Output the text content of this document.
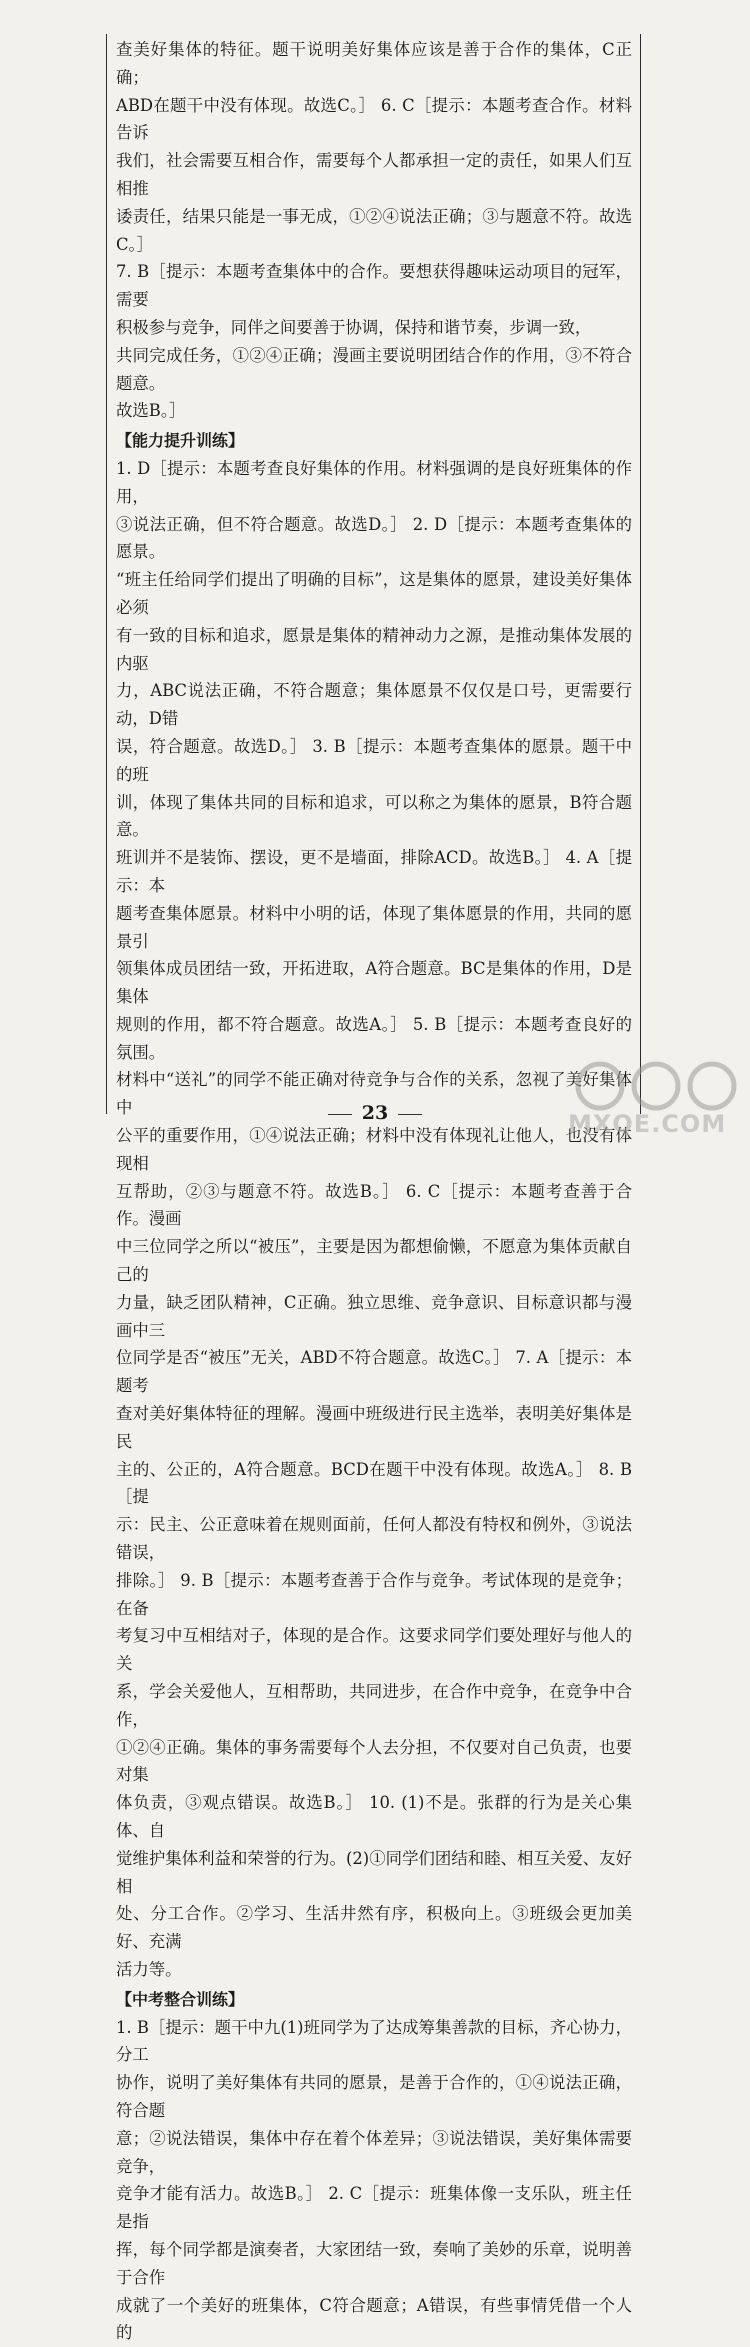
查美好集体的特征。题干说明美好集体应该是善于合作的集体，C正确；

ABD在题干中没有体现。故选C。］ 6. C［提示：本题考查合作。材料告诉

我们，社会需要互相合作，需要每个人都承担一定的责任，如果人们互相推

诿责任，结果只能是一事无成，①②④说法正确；③与题意不符。故选C。］

7. B［提示：本题考查集体中的合作。要想获得趣味运动项目的冠军，需要

积极参与竞争，同伴之间要善于协调，保持和谐节奏，步调一致，

共同完成任务，①②④正确；漫画主要说明团结合作的作用，③不符合题意。

故选B。］

【能力提升训练】

1. D［提示：本题考查良好集体的作用。材料强调的是良好班集体的作用，

③说法正确，但不符合题意。故选D。］ 2. D［提示：本题考查集体的愿景。

“班主任给同学们提出了明确的目标”，这是集体的愿景，建设美好集体必须

有一致的目标和追求，愿景是集体的精神动力之源，是推动集体发展的内驱

力，ABC说法正确，不符合题意；集体愿景不仅仅是口号，更需要行动，D错

误，符合题意。故选D。］ 3. B［提示：本题考查集体的愿景。题干中的班

训，体现了集体共同的目标和追求，可以称之为集体的愿景，B符合题意。

班训并不是装饰、摆设，更不是墙面，排除ACD。故选B。］ 4. A［提示：本

题考查集体愿景。材料中小明的话，体现了集体愿景的作用，共同的愿景引

领集体成员团结一致，开拓进取，A符合题意。BC是集体的作用，D是集体

规则的作用，都不符合题意。故选A。］ 5. B［提示：本题考查良好的氛围。

材料中“送礼”的同学不能正确对待竞争与合作的关系，忽视了美好集体中

公平的重要作用，①④说法正确；材料中没有体现礼让他人，也没有体现相

互帮助，②③与题意不符。故选B。］ 6. C［提示：本题考查善于合作。漫画

中三位同学之所以“被压”，主要是因为都想偷懒，不愿意为集体贡献自己的

力量，缺乏团队精神，C正确。独立思维、竞争意识、目标意识都与漫画中三

位同学是否“被压”无关，ABD不符合题意。故选C。］ 7. A［提示：本题考

查对美好集体特征的理解。漫画中班级进行民主选举，表明美好集体是民

主的、公正的，A符合题意。BCD在题干中没有体现。故选A。］ 8. B［提

示：民主、公正意味着在规则面前，任何人都没有特权和例外，③说法错误，

排除。］ 9. B［提示：本题考查善于合作与竞争。考试体现的是竞争；在备

考复习中互相结对子，体现的是合作。这要求同学们要处理好与他人的关

系，学会关爱他人，互相帮助，共同进步，在合作中竞争，在竞争中合作，

①②④正确。集体的事务需要每个人去分担，不仅要对自己负责，也要对集

体负责，③观点错误。故选B。］ 10. (1)不是。张群的行为是关心集体、自

觉维护集体利益和荣誉的行为。(2)①同学们团结和睦、相互关爱、友好相

处、分工合作。②学习、生活井然有序，积极向上。③班级会更加美好、充满

活力等。

【中考整合训练】

1. B［提示：题干中九(1)班同学为了达成筹集善款的目标，齐心协力，分工

协作，说明了美好集体有共同的愿景，是善于合作的，①④说法正确，符合题

意；②说法错误，集体中存在着个体差异；③说法错误，美好集体需要竞争，

竞争才能有活力。故选B。］ 2. C［提示：班集体像一支乐队，班主任是指

挥，每个同学都是演奏者，大家团结一致，奏响了美妙的乐章，说明善于合作

成就了一个美好的班集体，C符合题意；A错误，有些事情凭借一个人的

23	MXQE.COM
